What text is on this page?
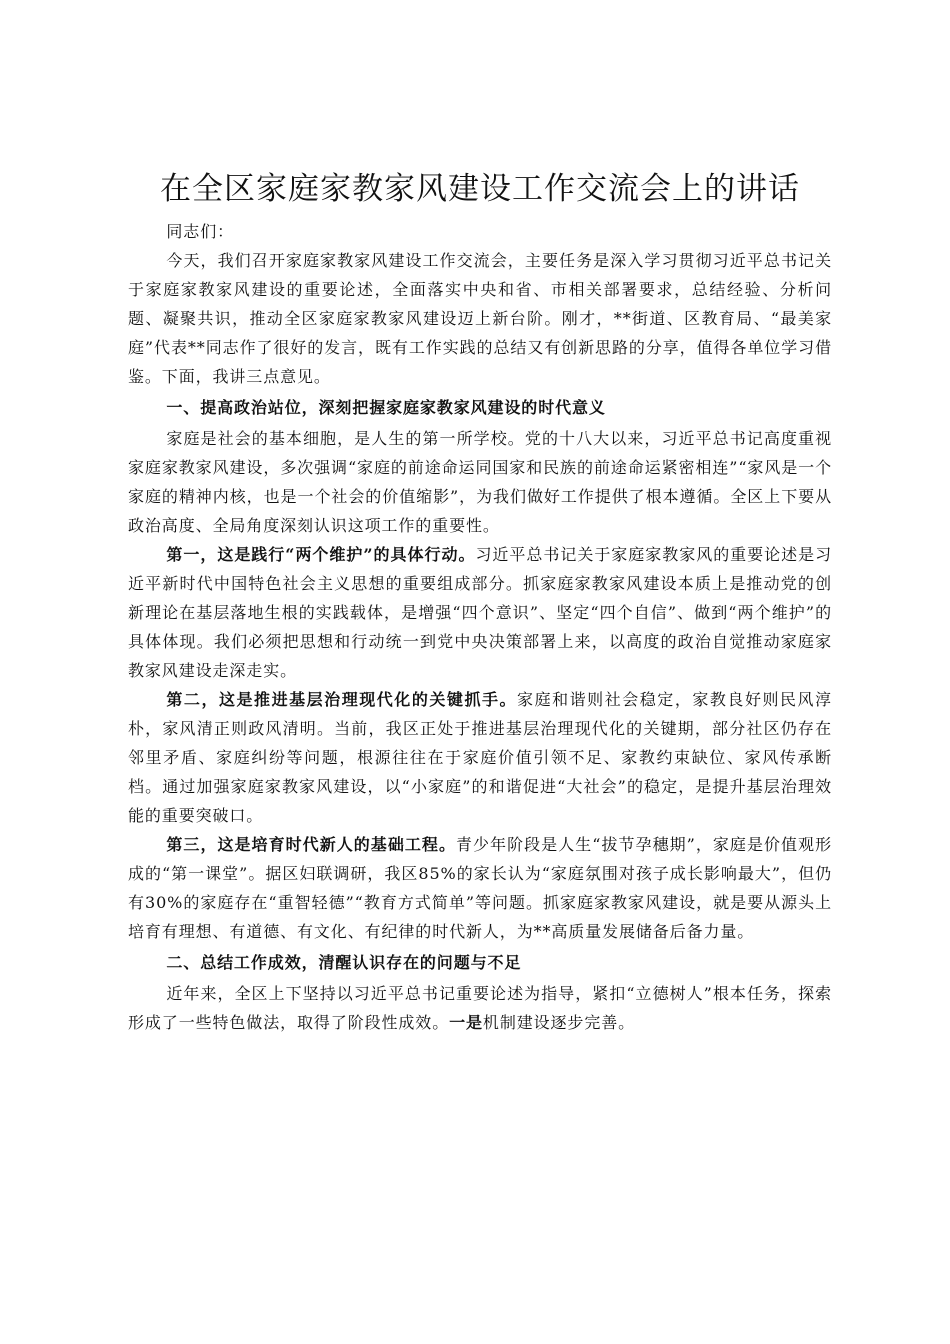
在全区家庭家教家风建设工作交流会上的讲话

同志们：

今天，我们召开家庭家教家风建设工作交流会，主要任务是深入学习贯彻习近平总书记关于家庭家教家风建设的重要论述，全面落实中央和省、市相关部署要求，总结经验、分析问题、凝聚共识，推动全区家庭家教家风建设迈上新台阶。刚才，**街道、区教育局、“最美家庭”代表**同志作了很好的发言，既有工作实践的总结又有创新思路的分享，值得各单位学习借鉴。下面，我讲三点意见。

一、提高政治站位，深刻把握家庭家教家风建设的时代意义

家庭是社会的基本细胞，是人生的第一所学校。党的十八大以来，习近平总书记高度重视家庭家教家风建设，多次强调“家庭的前途命运同国家和民族的前途命运紧密相连”“家风是一个家庭的精神内核，也是一个社会的价值缩影”，为我们做好工作提供了根本遵循。全区上下要从政治高度、全局角度深刻认识这项工作的重要性。

第一，这是践行“两个维护”的具体行动。习近平总书记关于家庭家教家风的重要论述是习近平新时代中国特色社会主义思想的重要组成部分。抓家庭家教家风建设本质上是推动党的创新理论在基层落地生根的实践载体，是增强“四个意识”、坚定“四个自信”、做到“两个维护”的具体体现。我们必须把思想和行动统一到党中央决策部署上来，以高度的政治自觉推动家庭家教家风建设走深走实。

第二，这是推进基层治理现代化的关键抓手。家庭和谐则社会稳定，家教良好则民风淳朴，家风清正则政风清明。当前，我区正处于推进基层治理现代化的关键期，部分社区仍存在邻里矛盾、家庭纠纷等问题，根源往往在于家庭价值引领不足、家教约束缺位、家风传承断档。通过加强家庭家教家风建设，以“小家庭”的和谐促进“大社会”的稳定，是提升基层治理效能的重要突破口。

第三，这是培育时代新人的基础工程。青少年阶段是人生“拔节孕穗期”，家庭是价值观形成的“第一课堂”。据区妇联调研，我区85%的家长认为“家庭氛围对孩子成长影响最大”，但仍有30%的家庭存在“重智轻德”“教育方式简单”等问题。抓家庭家教家风建设，就是要从源头上培育有理想、有道德、有文化、有纪律的时代新人，为**高质量发展储备后备力量。

二、总结工作成效，清醒认识存在的问题与不足

近年来，全区上下坚持以习近平总书记重要论述为指导，紧扣“立德树人”根本任务，探索形成了一些特色做法，取得了阶段性成效。一是机制建设逐步完善。
